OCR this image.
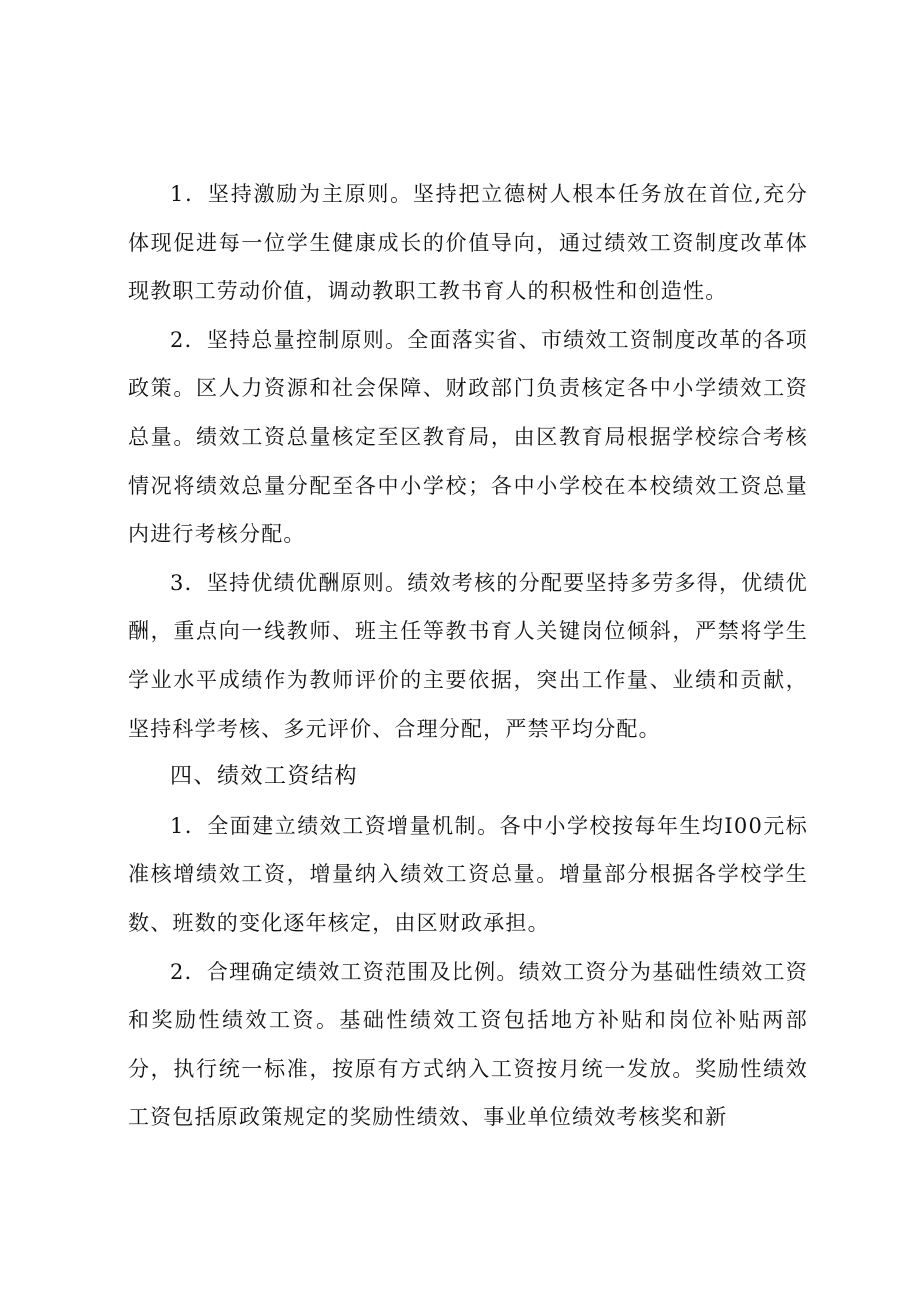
1．坚持激励为主原则。坚持把立德树人根本任务放在首位,充分体现促进每一位学生健康成长的价值导向，通过绩效工资制度改革体现教职工劳动价值，调动教职工教书育人的积极性和创造性。

2．坚持总量控制原则。全面落实省、市绩效工资制度改革的各项政策。区人力资源和社会保障、财政部门负责核定各中小学绩效工资总量。绩效工资总量核定至区教育局，由区教育局根据学校综合考核情况将绩效总量分配至各中小学校；各中小学校在本校绩效工资总量内进行考核分配。

3．坚持优绩优酬原则。绩效考核的分配要坚持多劳多得，优绩优酬，重点向一线教师、班主任等教书育人关键岗位倾斜，严禁将学生学业水平成绩作为教师评价的主要依据，突出工作量、业绩和贡献，坚持科学考核、多元评价、合理分配，严禁平均分配。

四、绩效工资结构

1．全面建立绩效工资增量机制。各中小学校按每年生均I00元标准核增绩效工资，增量纳入绩效工资总量。增量部分根据各学校学生数、班数的变化逐年核定，由区财政承担。

2．合理确定绩效工资范围及比例。绩效工资分为基础性绩效工资和奖励性绩效工资。基础性绩效工资包括地方补贴和岗位补贴两部分，执行统一标准，按原有方式纳入工资按月统一发放。奖励性绩效工资包括原政策规定的奖励性绩效、事业单位绩效考核奖和新
